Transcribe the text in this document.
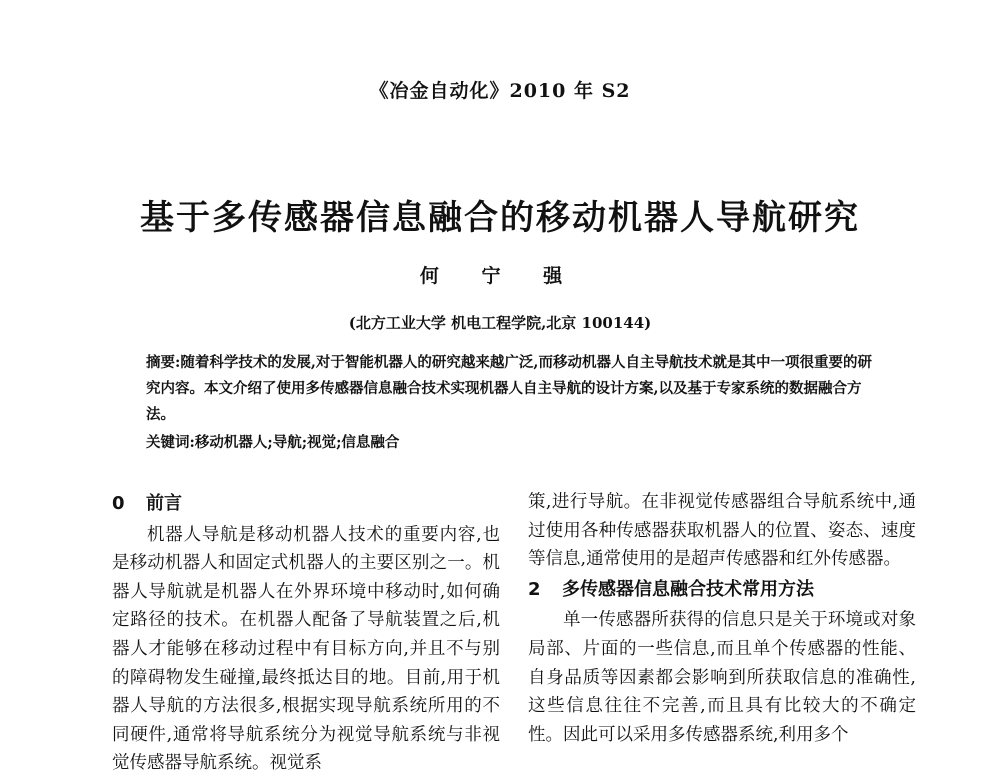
《冶金自动化》2010 年 S2
基于多传感器信息融合的移动机器人导航研究
何 宁 强
(北方工业大学 机电工程学院,北京 100144)
摘要:随着科学技术的发展,对于智能机器人的研究越来越广泛,而移动机器人自主导航技术就是其中一项很重要的研究内容。本文介绍了使用多传感器信息融合技术实现机器人自主导航的设计方案,以及基于专家系统的数据融合方法。
关键词:移动机器人;导航;视觉;信息融合
0 前言

机器人导航是移动机器人技术的重要内容,也是移动机器人和固定式机器人的主要区别之一。机器人导航就是机器人在外界环境中移动时,如何确定路径的技术。在机器人配备了导航装置之后,机器人才能够在移动过程中有目标方向,并且不与别的障碍物发生碰撞,最终抵达目的地。目前,用于机器人导航的方法很多,根据实现导航系统所用的不同硬件,通常将导航系统分为视觉导航系统与非视觉传感器导航系统。视觉系

策,进行导航。在非视觉传感器组合导航系统中,通过使用各种传感器获取机器人的位置、姿态、速度等信息,通常使用的是超声传感器和红外传感器。

2 多传感器信息融合技术常用方法

单一传感器所获得的信息只是关于环境或对象局部、片面的一些信息,而且单个传感器的性能、自身品质等因素都会影响到所获取信息的准确性,这些信息往往不完善,而且具有比较大的不确定性。因此可以采用多传感器系统,利用多个
